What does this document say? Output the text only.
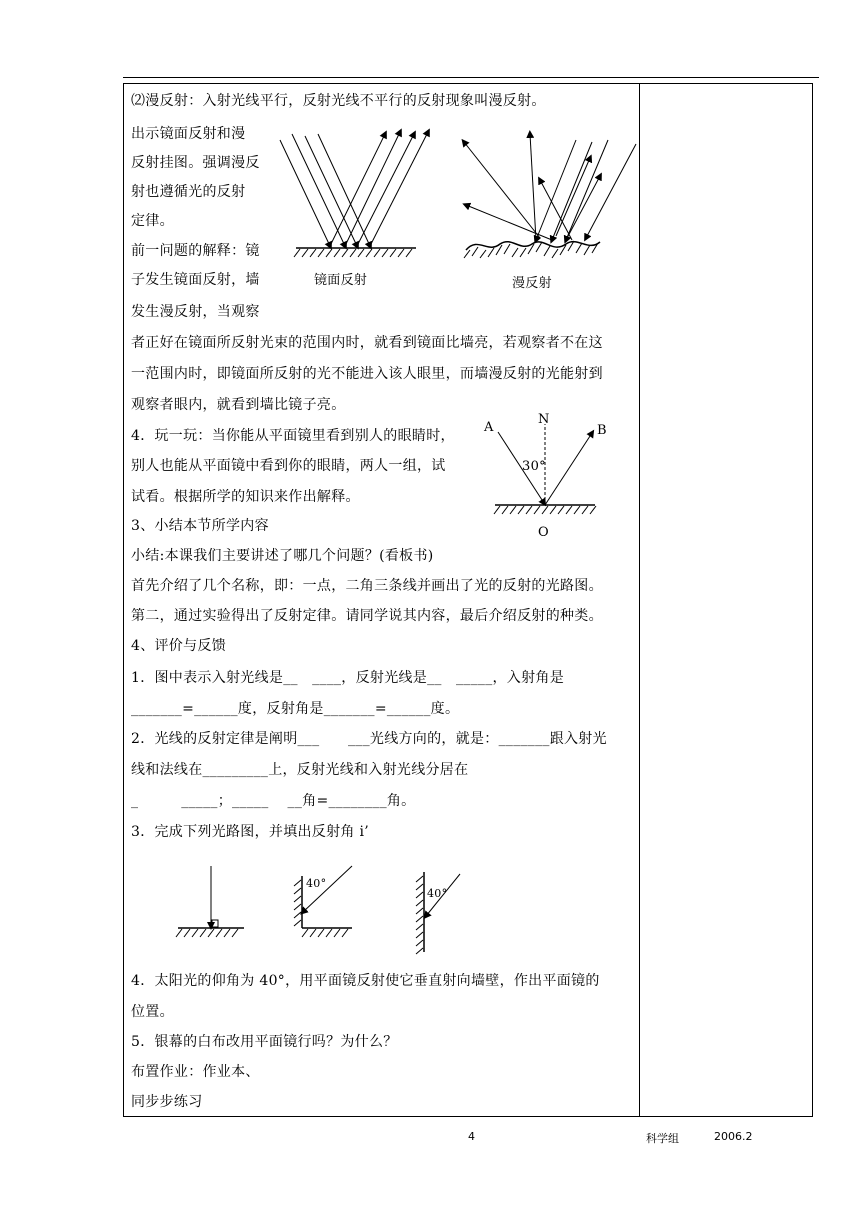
⑵漫反射：入射光线平行，反射光线不平行的反射现象叫漫反射。
出示镜面反射和漫
反射挂图。强调漫反
射也遵循光的反射
定律。
前一问题的解释：镜
子发生镜面反射，墙
发生漫反射，当观察
者正好在镜面所反射光束的范围内时，就看到镜面比墙亮，若观察者不在这
一范围内时，即镜面所反射的光不能进入该人眼里，而墙漫反射的光能射到
观察者眼内，就看到墙比镜子亮。
4．玩一玩：当你能从平面镜里看到别人的眼睛时，
别人也能从平面镜中看到你的眼睛，两人一组，试
试看。根据所学的知识来作出解释。
3、小结本节所学内容
小结:本课我们主要讲述了哪几个问题？(看板书)
首先介绍了几个名称，即：一点，二角三条线并画出了光的反射的光路图。
第二，通过实验得出了反射定律。请同学说其内容，最后介绍反射的种类。
4、评价与反馈
1．图中表示入射光线是__　____，反射光线是__　_____，入射角是
_______=______度，反射角是_______=______度。
2．光线的反射定律是阐明___　　___光线方向的，就是：_______跟入射光
线和法线在_________上，反射光线和入射光线分居在
_　　　_____；_____　 __角=________角。
3．完成下列光路图，并填出反射角 i’
4．太阳光的仰角为 40°，用平面镜反射使它垂直射向墙壁，作出平面镜的
位置。
5．银幕的白布改用平面镜行吗？为什么？
布置作业：作业本、
同步步练习
镜面反射	漫反射
A
N
B
O
30°
40°
40°
4	科学组	2006.2
